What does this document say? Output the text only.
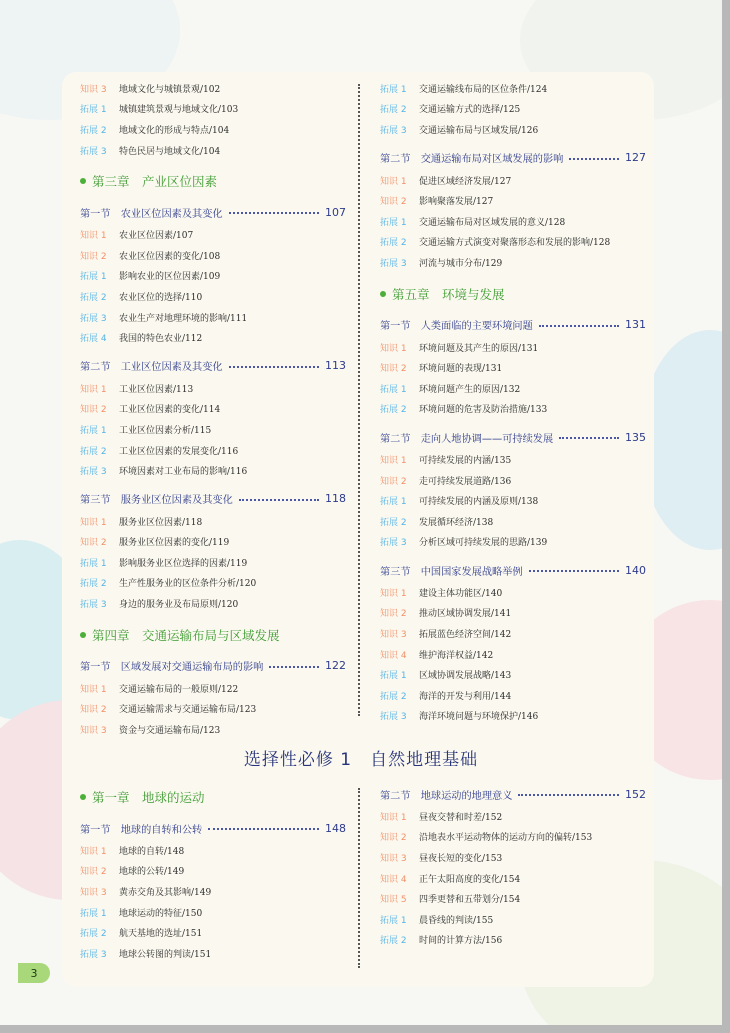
知识 3	地域文化与城镇景观/102
拓展 1	城镇建筑景观与地域文化/103
拓展 2	地域文化的形成与特点/104
拓展 3	特色民居与地域文化/104
第三章　产业区位因素
第一节　农业区位因素及其变化	107
知识 1	农业区位因素/107
知识 2	农业区位因素的变化/108
拓展 1	影响农业的区位因素/109
拓展 2	农业区位的选择/110
拓展 3	农业生产对地理环境的影响/111
拓展 4	我国的特色农业/112
第二节　工业区位因素及其变化	113
知识 1	工业区位因素/113
知识 2	工业区位因素的变化/114
拓展 1	工业区位因素分析/115
拓展 2	工业区位因素的发展变化/116
拓展 3	环境因素对工业布局的影响/116
第三节　服务业区位因素及其变化	118
知识 1	服务业区位因素/118
知识 2	服务业区位因素的变化/119
拓展 1	影响服务业区位选择的因素/119
拓展 2	生产性服务业的区位条件分析/120
拓展 3	身边的服务业及布局原则/120
第四章　交通运输布局与区域发展
第一节　区域发展对交通运输布局的影响	122
知识 1	交通运输布局的一般原则/122
知识 2	交通运输需求与交通运输布局/123
知识 3	资金与交通运输布局/123
拓展 1	交通运输线布局的区位条件/124
拓展 2	交通运输方式的选择/125
拓展 3	交通运输布局与区域发展/126
第二节　交通运输布局对区域发展的影响	127
知识 1	促进区域经济发展/127
知识 2	影响聚落发展/127
拓展 1	交通运输布局对区域发展的意义/128
拓展 2	交通运输方式演变对聚落形态和发展的影响/128
拓展 3	河流与城市分布/129
第五章　环境与发展
第一节　人类面临的主要环境问题	131
知识 1	环境问题及其产生的原因/131
知识 2	环境问题的表现/131
拓展 1	环境问题产生的原因/132
拓展 2	环境问题的危害及防治措施/133
第二节　走向人地协调——可持续发展	135
知识 1	可持续发展的内涵/135
知识 2	走可持续发展道路/136
拓展 1	可持续发展的内涵及原则/138
拓展 2	发展循环经济/138
拓展 3	分析区域可持续发展的思路/139
第三节　中国国家发展战略举例	140
知识 1	建设主体功能区/140
知识 2	推动区域协调发展/141
知识 3	拓展蓝色经济空间/142
知识 4	维护海洋权益/142
拓展 1	区域协调发展战略/143
拓展 2	海洋的开发与利用/144
拓展 3	海洋环境问题与环境保护/146
选择性必修 1　自然地理基础
第一章　地球的运动
第一节　地球的自转和公转	148
知识 1	地球的自转/148
知识 2	地球的公转/149
知识 3	黄赤交角及其影响/149
拓展 1	地球运动的特征/150
拓展 2	航天基地的选址/151
拓展 3	地球公转图的判读/151
第二节　地球运动的地理意义	152
知识 1	昼夜交替和时差/152
知识 2	沿地表水平运动物体的运动方向的偏转/153
知识 3	昼夜长短的变化/153
知识 4	正午太阳高度的变化/154
知识 5	四季更替和五带划分/154
拓展 1	晨昏线的判读/155
拓展 2	时间的计算方法/156
3
